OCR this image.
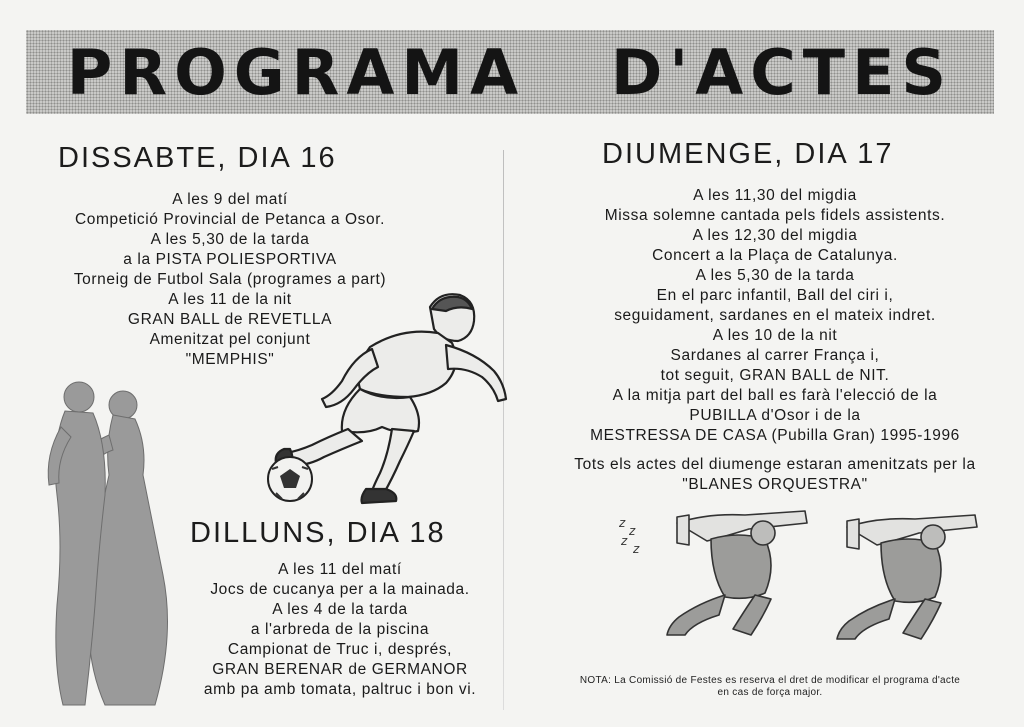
PROGRAMA   D'ACTES
DISSABTE, DIA 16
A les 9 del matí
Competició Provincial de Petanca a Osor.
A les 5,30 de la tarda
a la PISTA POLIESPORTIVA
Torneig de Futbol Sala (programes a part)
A les 11 de la nit
GRAN BALL de REVETLLA
Amenitzat pel conjunt
"MEMPHIS"
DILLUNS, DIA 18
A les 11 del matí
Jocs de cucanya per a la mainada.
A les 4 de la tarda
a l'arbreda de la piscina
Campionat de Truc i, després,
GRAN BERENAR de GERMANOR
amb pa amb tomata, paltruc i bon vi.
DIUMENGE, DIA 17
A les 11,30 del migdia
Missa solemne cantada pels fidels assistents.
A les 12,30 del migdia
Concert a la Plaça de Catalunya.
A les 5,30 de la tarda
En el parc infantil, Ball del ciri i,
seguidament, sardanes en el mateix indret.
A les 10 de la nit
Sardanes al carrer França i,
tot seguit, GRAN BALL de NIT.
A la mitja part del ball es farà l'elecció de la
PUBILLA d'Osor i de la
MESTRESSA DE CASA (Pubilla Gran) 1995-1996
Tots els actes del diumenge estaran amenitzats per la
"BLANES ORQUESTRA"
NOTA: La Comissió de Festes es reserva el dret de modificar el programa d'acte
en cas de força major.
z
z
z
z
